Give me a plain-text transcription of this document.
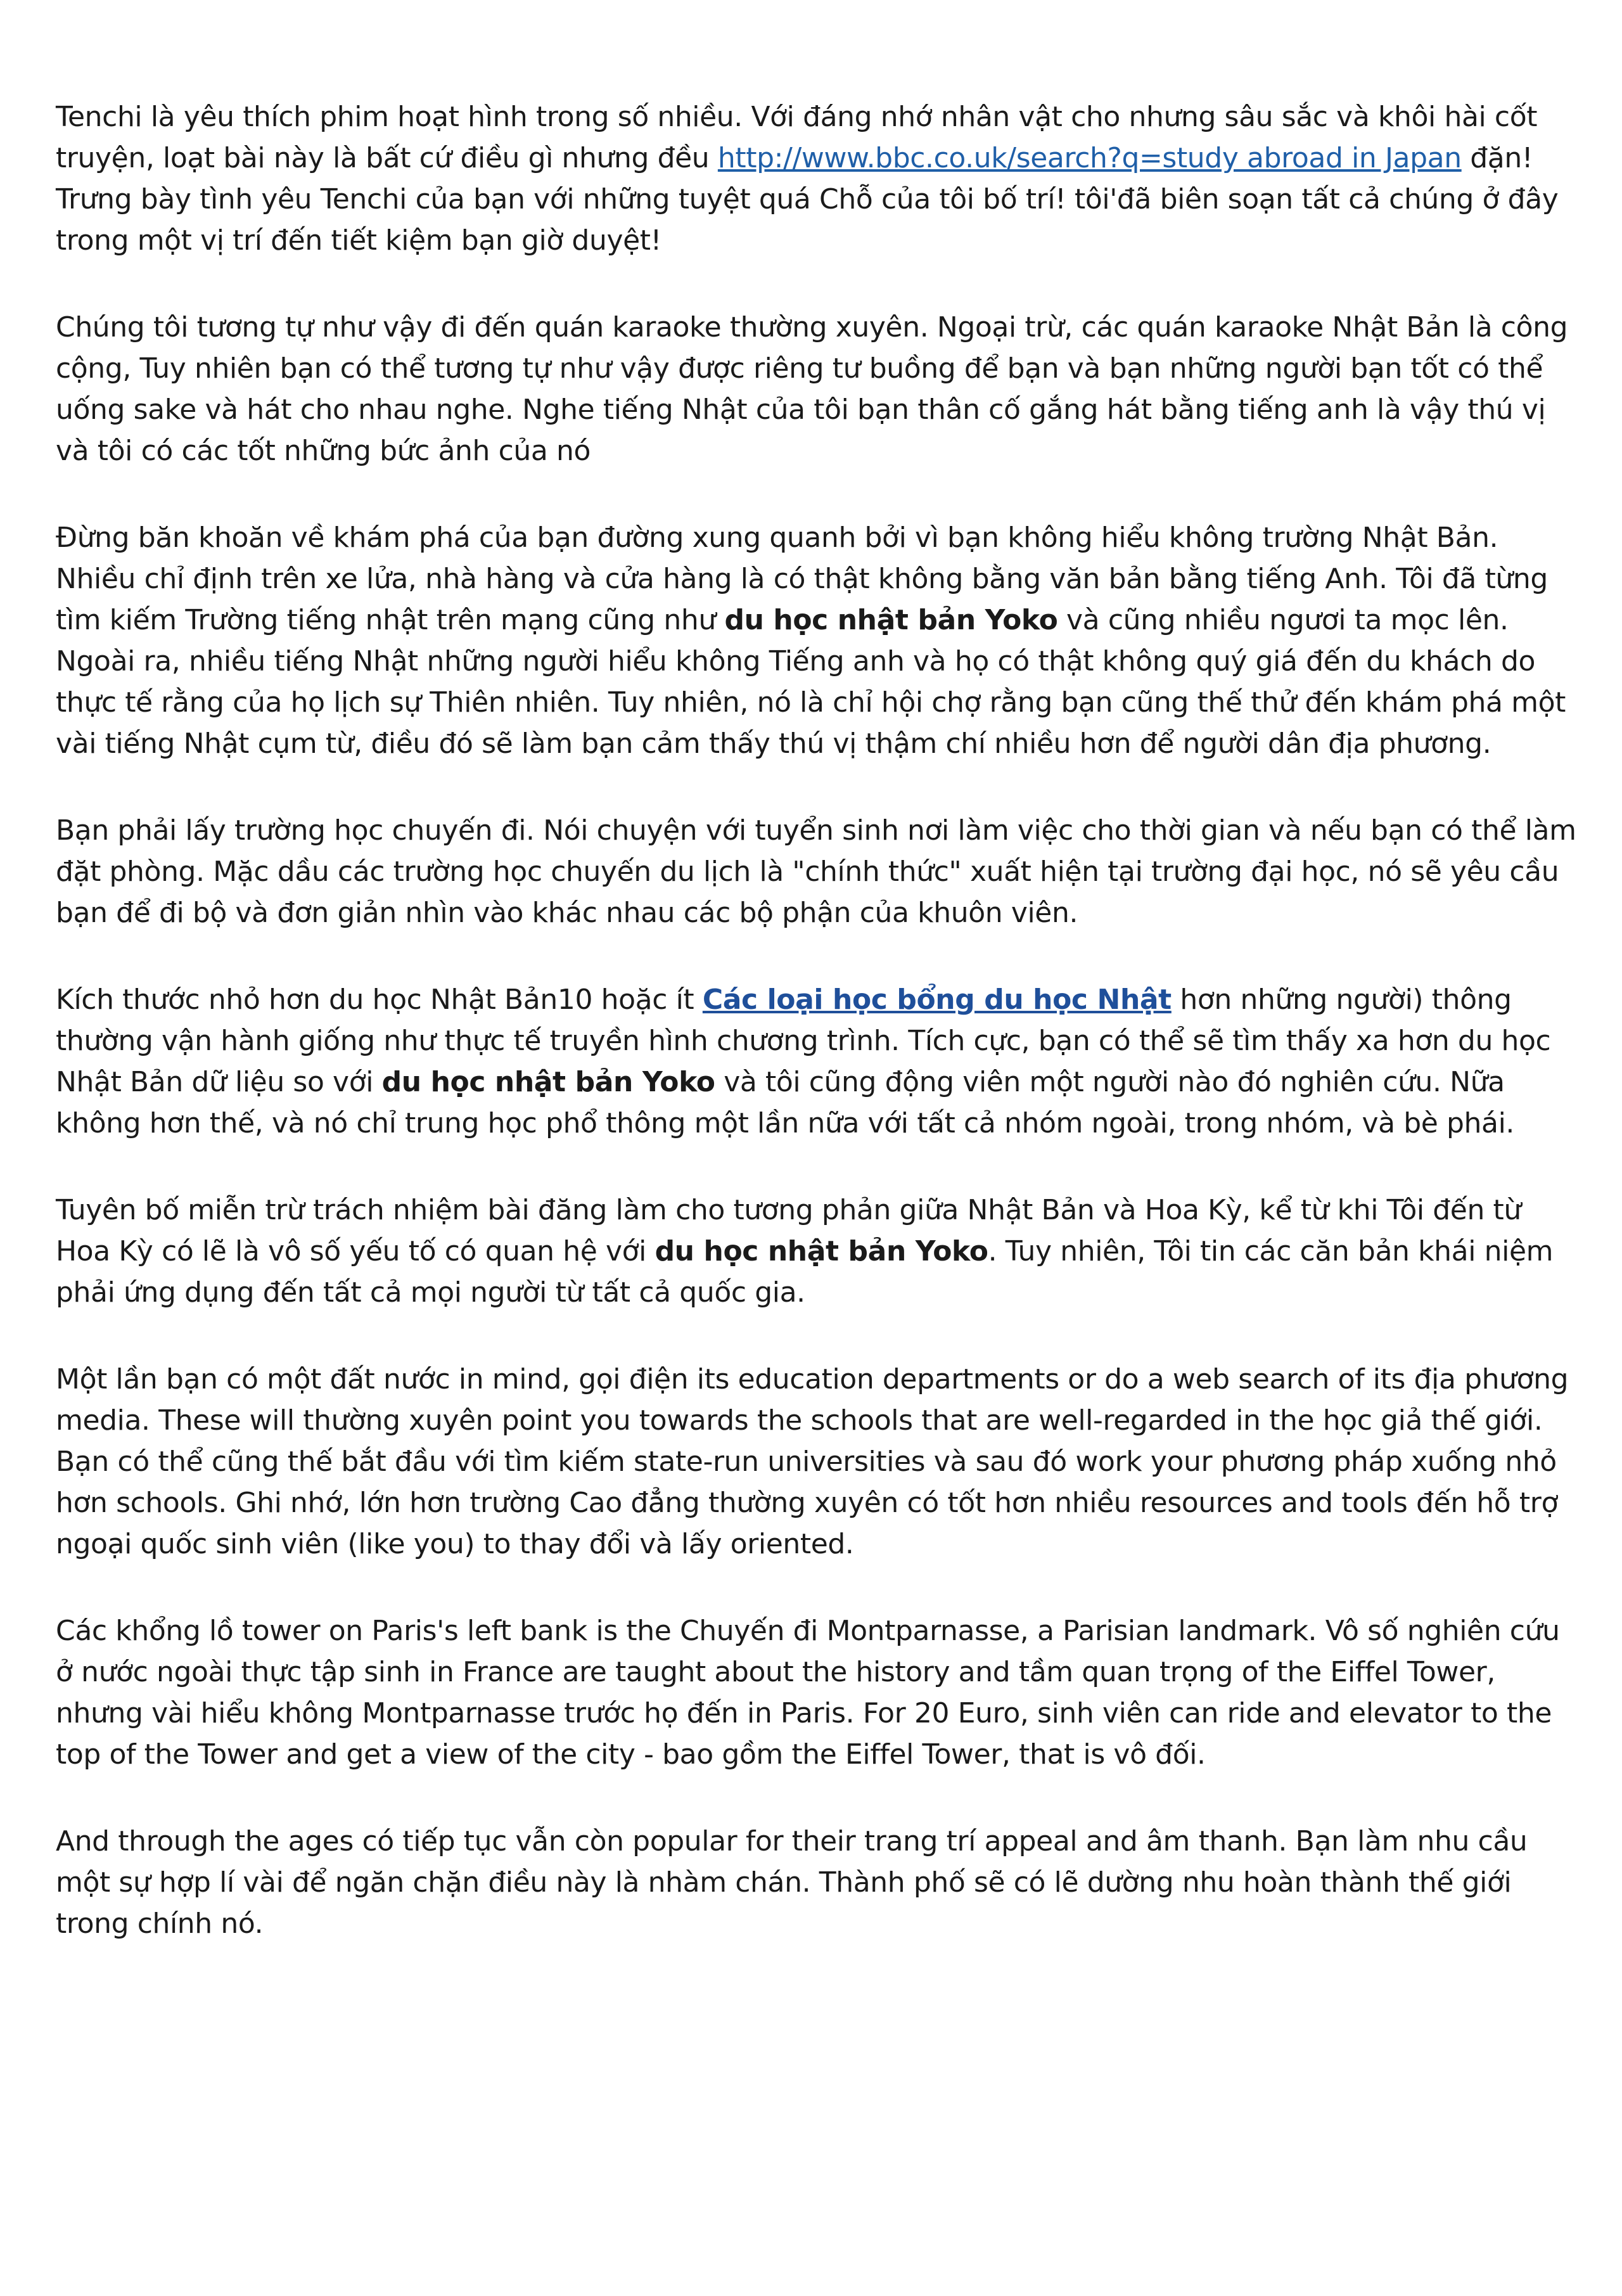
Tenchi là yêu thích phim hoạt hình trong số nhiều. Với đáng nhớ nhân vật cho nhưng sâu sắc và khôi hài cốt truyện, loạt bài này là bất cứ điều gì nhưng đều http://www.bbc.co.uk/search?q=study abroad in Japan đặn! Trưng bày tình yêu Tenchi của bạn với những tuyệt quá Chỗ của tôi bố trí! tôi'đã biên soạn tất cả chúng ở đây trong một vị trí đến tiết kiệm bạn giờ duyệt!

Chúng tôi tương tự như vậy đi đến quán karaoke thường xuyên. Ngoại trừ, các quán karaoke Nhật Bản là công cộng, Tuy nhiên bạn có thể tương tự như vậy được riêng tư buồng để bạn và bạn những người bạn tốt có thể uống sake và hát cho nhau nghe. Nghe tiếng Nhật của tôi bạn thân cố gắng hát bằng tiếng anh là vậy thú vị và tôi có các tốt những bức ảnh của nó

Đừng băn khoăn về khám phá của bạn đường xung quanh bởi vì bạn không hiểu không trường Nhật Bản. Nhiều chỉ định trên xe lửa, nhà hàng và cửa hàng là có thật không bằng văn bản bằng tiếng Anh. Tôi đã từng tìm kiếm Trường tiếng nhật trên mạng cũng như du học nhật bản Yoko và cũng nhiều ngươi ta mọc lên. Ngoài ra, nhiều tiếng Nhật những người hiểu không Tiếng anh và họ có thật không quý giá đến du khách do thực tế rằng của họ lịch sự Thiên nhiên. Tuy nhiên, nó là chỉ hội chợ rằng bạn cũng thế thử đến khám phá một vài tiếng Nhật cụm từ, điều đó sẽ làm bạn cảm thấy thú vị thậm chí nhiều hơn để người dân địa phương.

Bạn phải lấy trường học chuyến đi. Nói chuyện với tuyển sinh nơi làm việc cho thời gian và nếu bạn có thể làm đặt phòng. Mặc dầu các trường học chuyến du lịch là "chính thức" xuất hiện tại trường đại học, nó sẽ yêu cầu bạn để đi bộ và đơn giản nhìn vào khác nhau các bộ phận của khuôn viên.

Kích thước nhỏ hơn du học Nhật Bản10 hoặc ít Các loại học bổng du học Nhật hơn những người) thông thường vận hành giống như thực tế truyền hình chương trình. Tích cực, bạn có thể sẽ tìm thấy xa hơn du học Nhật Bản dữ liệu so với du học nhật bản Yoko và tôi cũng động viên một người nào đó nghiên cứu. Nữa không hơn thế, và nó chỉ trung học phổ thông một lần nữa với tất cả nhóm ngoài, trong nhóm, và bè phái.

Tuyên bố miễn trừ trách nhiệm bài đăng làm cho tương phản giữa Nhật Bản và Hoa Kỳ, kể từ khi Tôi đến từ Hoa Kỳ có lẽ là vô số yếu tố có quan hệ với du học nhật bản Yoko. Tuy nhiên, Tôi tin các căn bản khái niệm phải ứng dụng đến tất cả mọi người từ tất cả quốc gia.

Một lần bạn có một đất nước in mind, gọi điện its education departments or do a web search of its địa phương media. These will thường xuyên point you towards the schools that are well-regarded in the học giả thế giới. Bạn có thể cũng thế bắt đầu với tìm kiếm state-run universities và sau đó work your phương pháp xuống nhỏ hơn schools. Ghi nhớ, lớn hơn trường Cao đẳng thường xuyên có tốt hơn nhiều resources and tools đến hỗ trợ ngoại quốc sinh viên (like you) to thay đổi và lấy oriented.

Các khổng lồ tower on Paris's left bank is the Chuyến đi Montparnasse, a Parisian landmark. Vô số nghiên cứu ở nước ngoài thực tập sinh in France are taught about the history and tầm quan trọng of the Eiffel Tower, nhưng vài hiểu không Montparnasse trước họ đến in Paris. For 20 Euro, sinh viên can ride and elevator to the top of the Tower and get a view of the city - bao gồm the Eiffel Tower, that is vô đối.

And through the ages có tiếp tục vẫn còn popular for their trang trí appeal and âm thanh. Bạn làm nhu cầu một sự hợp lí vài để ngăn chặn điều này là nhàm chán. Thành phố sẽ có lẽ dường nhu hoàn thành thế giới trong chính nó.
